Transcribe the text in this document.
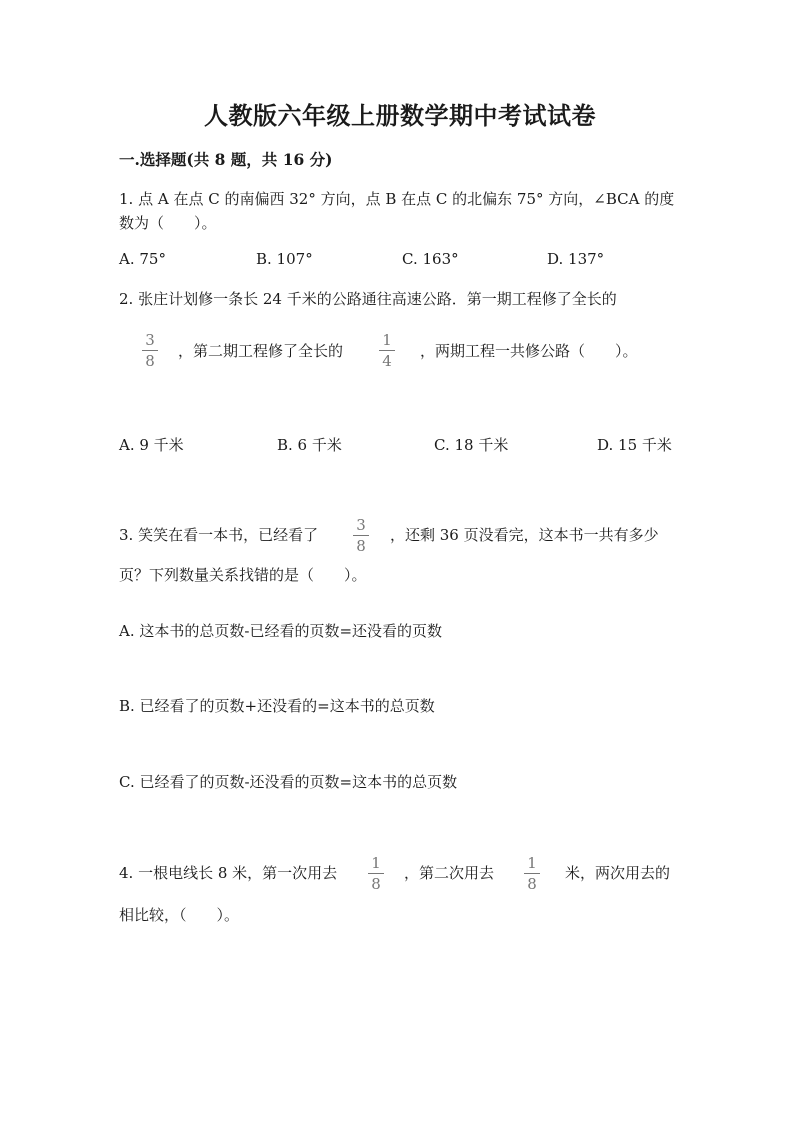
人教版六年级上册数学期中考试试卷
一.选择题(共 8 题，共 16 分)
1. 点 A 在点 C 的南偏西 32° 方向，点 B 在点 C 的北偏东 75° 方向，∠BCA 的度
数为（　　）。
A. 75°	B. 107°	C. 163°	D. 137°
2. 张庄计划修一条长 24 千米的公路通往高速公路．第一期工程修了全长的
3
8
，第二期工程修了全长的
1
4
，两期工程一共修公路（　　）。
A. 9 千米	B. 6 千米	C. 18 千米	D. 15 千米
3. 笑笑在看一本书，已经看了
3
8
，还剩 36 页没看完，这本书一共有多少
页？下列数量关系找错的是（　　）。
A. 这本书的总页数-已经看的页数=还没看的页数
B. 已经看了的页数+还没看的=这本书的总页数
C. 已经看了的页数-还没看的页数=这本书的总页数
4. 一根电线长 8 米，第一次用去
1
8
，第二次用去
1
8
米，两次用去的
相比较，（　　）。
